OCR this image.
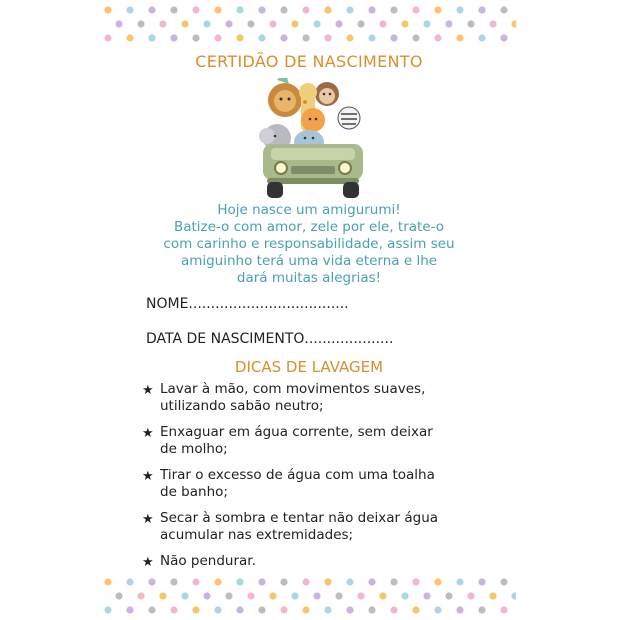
CERTIDÃO DE NASCIMENTO
Hoje nasce um amigurumi!
Batize-o com amor, zele por ele, trate-o
com carinho e responsabilidade, assim seu
amiguinho terá uma vida eterna e lhe
dará muitas alegrias!
NOME....................................
DATA DE NASCIMENTO....................
DICAS DE LAVAGEM
★ Lavar à mão, com movimentos suaves,
utilizando sabão neutro;
★ Enxaguar em água corrente, sem deixar
de molho;
★ Tirar o excesso de água com uma toalha
de banho;
★ Secar à sombra e tentar não deixar água
acumular nas extremidades;
★ Não pendurar.
